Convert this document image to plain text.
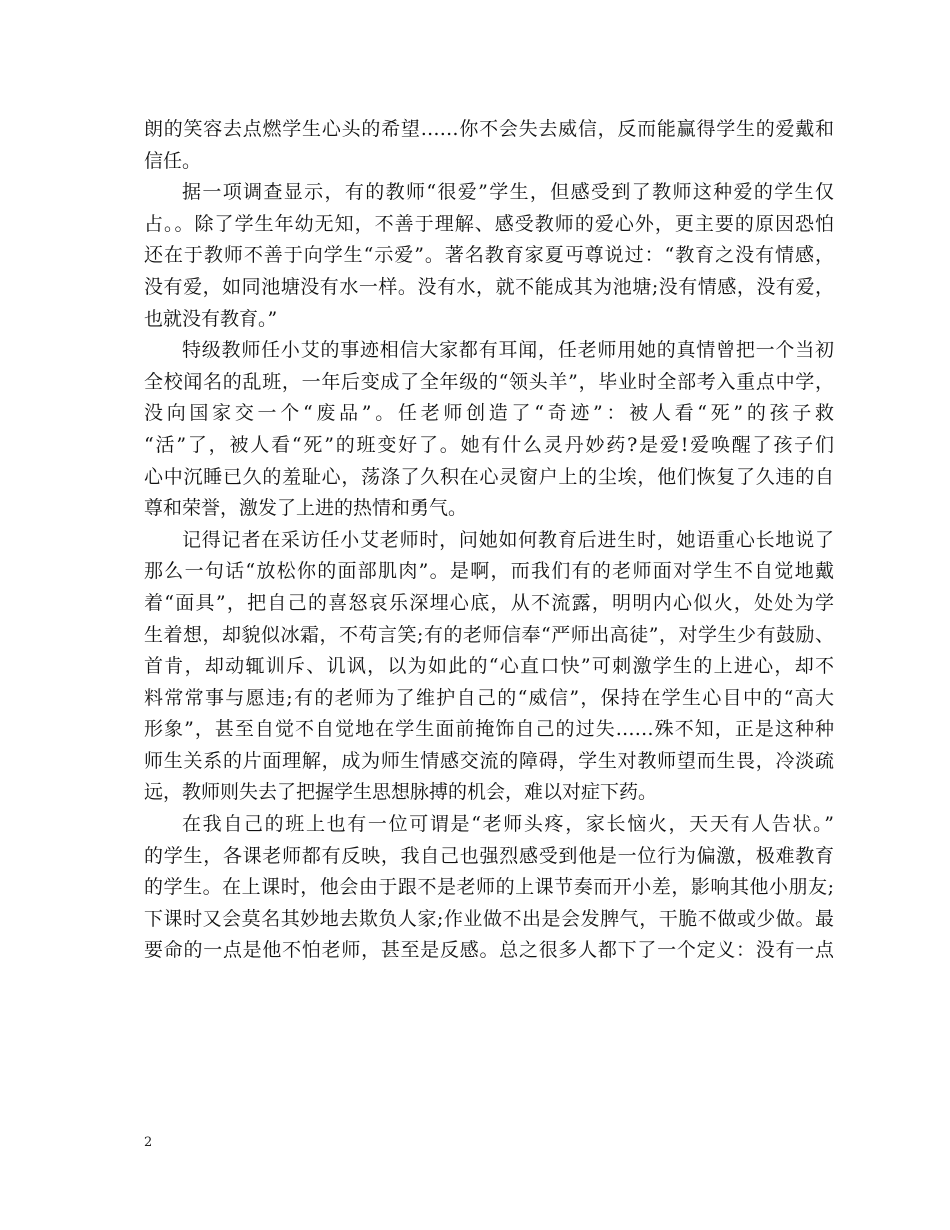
朗的笑容去点燃学生心头的希望……你不会失去威信，反而能赢得学生的爱戴和
信任。
据一项调查显示，有的教师“很爱”学生，但感受到了教师这种爱的学生仅
占。。除了学生年幼无知，不善于理解、感受教师的爱心外，更主要的原因恐怕
还在于教师不善于向学生“示爱”。著名教育家夏丏尊说过：“教育之没有情感，
没有爱，如同池塘没有水一样。没有水，就不能成其为池塘;没有情感，没有爱，
也就没有教育。”
特级教师任小艾的事迹相信大家都有耳闻，任老师用她的真情曾把一个当初
全校闻名的乱班，一年后变成了全年级的“领头羊”，毕业时全部考入重点中学，
没向国家交一个“废品”。任老师创造了“奇迹”：被人看“死”的孩子救
“活”了，被人看“死”的班变好了。她有什么灵丹妙药?是爱!爱唤醒了孩子们
心中沉睡已久的羞耻心，荡涤了久积在心灵窗户上的尘埃，他们恢复了久违的自
尊和荣誉，激发了上进的热情和勇气。
记得记者在采访任小艾老师时，问她如何教育后进生时，她语重心长地说了
那么一句话“放松你的面部肌肉”。是啊，而我们有的老师面对学生不自觉地戴
着“面具”，把自己的喜怒哀乐深埋心底，从不流露，明明内心似火，处处为学
生着想，却貌似冰霜，不苟言笑;有的老师信奉“严师出高徒”，对学生少有鼓励、
首肯，却动辄训斥、讥讽，以为如此的“心直口快”可刺激学生的上进心，却不
料常常事与愿违;有的老师为了维护自己的“威信”，保持在学生心目中的“高大
形象”，甚至自觉不自觉地在学生面前掩饰自己的过失……殊不知，正是这种种
师生关系的片面理解，成为师生情感交流的障碍，学生对教师望而生畏，冷淡疏
远，教师则失去了把握学生思想脉搏的机会，难以对症下药。
在我自己的班上也有一位可谓是“老师头疼，家长恼火，天天有人告状。”
的学生，各课老师都有反映，我自己也强烈感受到他是一位行为偏激，极难教育
的学生。在上课时，他会由于跟不是老师的上课节奏而开小差，影响其他小朋友;
下课时又会莫名其妙地去欺负人家;作业做不出是会发脾气，干脆不做或少做。最
要命的一点是他不怕老师，甚至是反感。总之很多人都下了一个定义：没有一点
2
